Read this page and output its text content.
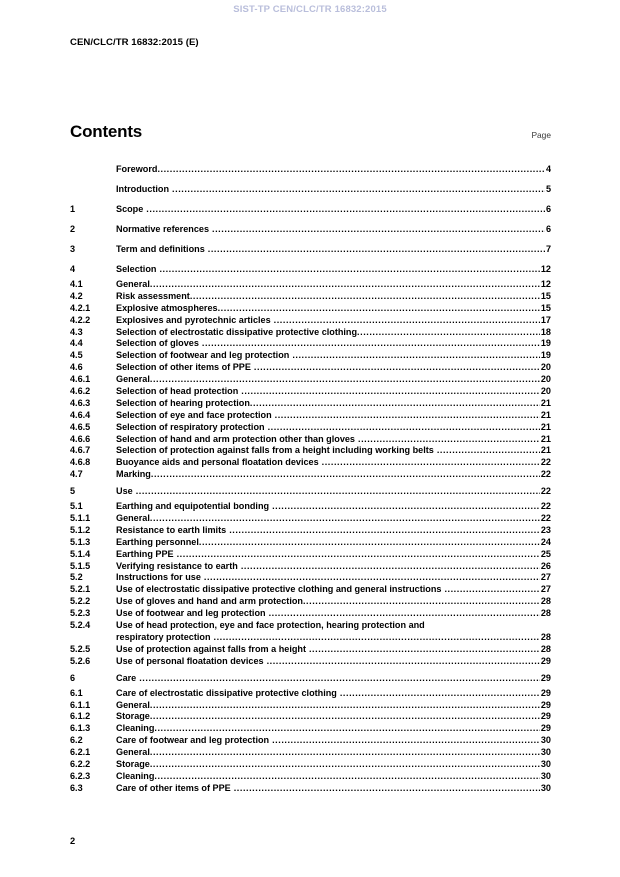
SIST-TP CEN/CLC/TR 16832:2015
CEN/CLC/TR 16832:2015 (E)
Contents	Page
Foreword .....	4
Introduction .....	5
1	Scope .....	6
2	Normative references .....	6
3	Term and definitions .....	7
4	Selection .....	12
4.1	General .....	12
4.2	Risk assessment .....	15
4.2.1	Explosive atmospheres .....	15
4.2.2	Explosives and pyrotechnic articles .....	17
4.3	Selection of electrostatic dissipative protective clothing .....	18
4.4	Selection of gloves .....	19
4.5	Selection of footwear and leg protection .....	19
4.6	Selection of other items of PPE .....	20
4.6.1	General .....	20
4.6.2	Selection of head protection .....	20
4.6.3	Selection of hearing protection .....	21
4.6.4	Selection of eye and face protection .....	21
4.6.5	Selection of respiratory protection .....	21
4.6.6	Selection of hand and arm protection other than gloves .....	21
4.6.7	Selection of protection against falls from a height including working belts .....	21
4.6.8	Buoyance aids and personal floatation devices .....	22
4.7	Marking .....	22
5	Use .....	22
5.1	Earthing and equipotential bonding .....	22
5.1.1	General .....	22
5.1.2	Resistance to earth limits .....	23
5.1.3	Earthing personnel .....	24
5.1.4	Earthing PPE .....	25
5.1.5	Verifying resistance to earth .....	26
5.2	Instructions for use .....	27
5.2.1	Use of electrostatic dissipative protective clothing and general instructions .....	27
5.2.2	Use of gloves and hand and arm protection .....	28
5.2.3	Use of footwear and leg protection .....	28
5.2.4	Use of head protection, eye and face protection, hearing protection and
respiratory protection .....	28
5.2.5	Use of protection against falls from a height .....	28
5.2.6	Use of personal floatation devices .....	29
6	Care .....	29
6.1	Care of electrostatic dissipative protective clothing .....	29
6.1.1	General .....	29
6.1.2	Storage .....	29
6.1.3	Cleaning .....	29
6.2	Care of footwear and leg protection .....	30
6.2.1	General .....	30
6.2.2	Storage .....	30
6.2.3	Cleaning .....	30
6.3	Care of other items of PPE .....	30
2
